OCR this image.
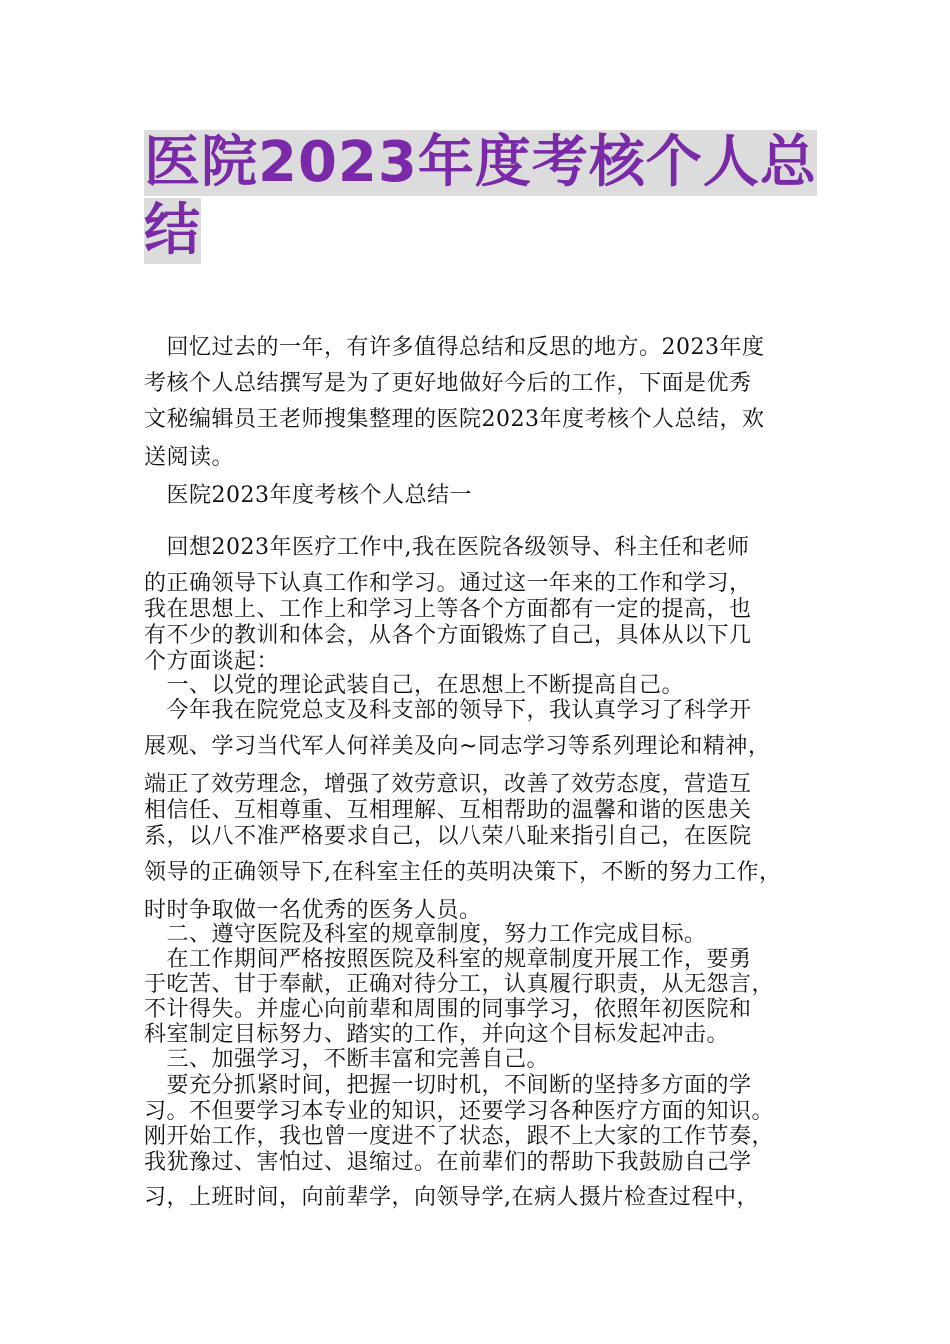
医院2023年度考核个人总
结

　回忆过去的一年，有许多值得总结和反思的地方。2023年度

考核个人总结撰写是为了更好地做好今后的工作，下面是优秀

文秘编辑员王老师搜集整理的医院2023年度考核个人总结，欢

送阅读。

　医院2023年度考核个人总结一

　回想2023年医疗工作中,我在医院各级领导、科主任和老师

的正确领导下认真工作和学习。通过这一年来的工作和学习，

我在思想上、工作上和学习上等各个方面都有一定的提高，也

有不少的教训和体会，从各个方面锻炼了自己，具体从以下几

个方面谈起：

　一、以党的理论武装自己，在思想上不断提高自己。

　今年我在院党总支及科支部的领导下，我认真学习了科学开

展观、学习当代军人何祥美及向~同志学习等系列理论和精神，

端正了效劳理念，增强了效劳意识，改善了效劳态度，营造互

相信任、互相尊重、互相理解、互相帮助的温馨和谐的医患关

系，以八不准严格要求自己，以八荣八耻来指引自己，在医院

领导的正确领导下,在科室主任的英明决策下，不断的努力工作，

时时争取做一名优秀的医务人员。

　二、遵守医院及科室的规章制度，努力工作完成目标。

　在工作期间严格按照医院及科室的规章制度开展工作，要勇

于吃苦、甘于奉献，正确对待分工，认真履行职责，从无怨言，

不计得失。并虚心向前辈和周围的同事学习，依照年初医院和

科室制定目标努力、踏实的工作，并向这个目标发起冲击。

　三、加强学习，不断丰富和完善自己。

　要充分抓紧时间，把握一切时机，不间断的坚持多方面的学

习。不但要学习本专业的知识，还要学习各种医疗方面的知识。

刚开始工作，我也曾一度进不了状态，跟不上大家的工作节奏，

我犹豫过、害怕过、退缩过。在前辈们的帮助下我鼓励自己学

习，上班时间，向前辈学，向领导学,在病人摄片检查过程中，
